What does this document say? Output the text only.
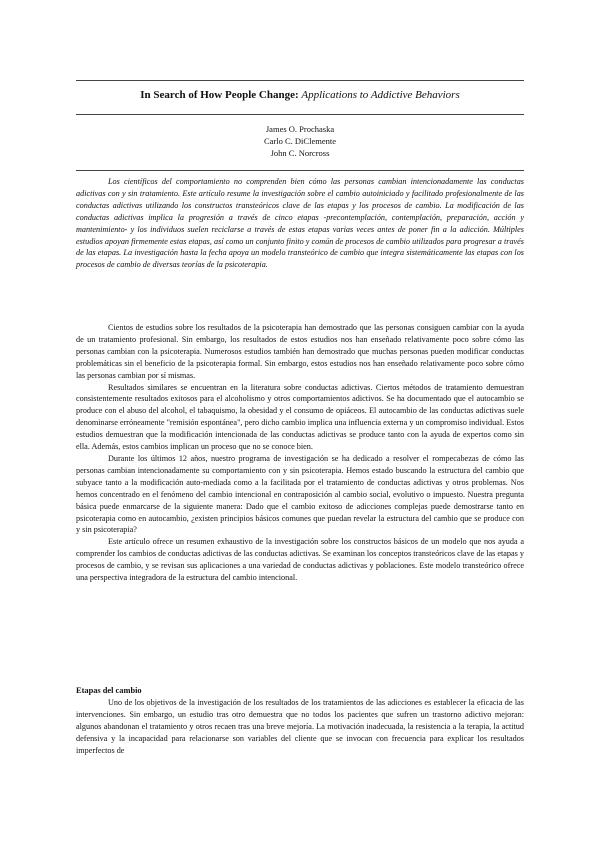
In Search of How People Change: Applications to Addictive Behaviors
James O. Prochaska
Carlo C. DiClemente
John C. Norcross
Los científicos del comportamiento no comprenden bien cómo las personas cambian intencionadamente las conductas adictivas con y sin tratamiento. Este artículo resume la investigación sobre el cambio autoiniciado y facilitado profesionalmente de las conductas adictivas utilizando los constructos transteóricos clave de las etapas y los procesos de cambio. La modificación de las conductas adictivas implica la progresión a través de cinco etapas -precontemplación, contemplación, preparación, acción y mantenimiento- y los individuos suelen reciclarse a través de estas etapas varias veces antes de poner fin a la adicción. Múltiples estudios apoyan firmemente estas etapas, así como un conjunto finito y común de procesos de cambio utilizados para progresar a través de las etapas. La investigación hasta la fecha apoya un modelo transteórico de cambio que integra sistemáticamente las etapas con los procesos de cambio de diversas teorías de la psicoterapia.

Cientos de estudios sobre los resultados de la psicoterapia han demostrado que las personas consiguen cambiar con la ayuda de un tratamiento profesional. Sin embargo, los resultados de estos estudios nos han enseñado relativamente poco sobre cómo las personas cambian con la psicoterapia. Numerosos estudios también han demostrado que muchas personas pueden modificar conductas problemáticas sin el beneficio de la psicoterapia formal. Sin embargo, estos estudios nos han enseñado relativamente poco sobre cómo las personas cambian por sí mismas.

Resultados similares se encuentran en la literatura sobre conductas adictivas. Ciertos métodos de tratamiento demuestran consistentemente resultados exitosos para el alcoholismo y otros comportamientos adictivos. Se ha documentado que el autocambio se produce con el abuso del alcohol, el tabaquismo, la obesidad y el consumo de opiáceos. El autocambio de las conductas adictivas suele denominarse erróneamente "remisión espontánea", pero dicho cambio implica una influencia externa y un compromiso individual. Estos estudios demuestran que la modificación intencionada de las conductas adictivas se produce tanto con la ayuda de expertos como sin ella. Además, estos cambios implican un proceso que no se conoce bien.

Durante los últimos 12 años, nuestro programa de investigación se ha dedicado a resolver el rompecabezas de cómo las personas cambian intencionadamente su comportamiento con y sin psicoterapia. Hemos estado buscando la estructura del cambio que subyace tanto a la modificación auto-mediada como a la facilitada por el tratamiento de conductas adictivas y otros problemas. Nos hemos concentrado en el fenómeno del cambio intencional en contraposición al cambio social, evolutivo o impuesto. Nuestra pregunta básica puede enmarcarse de la siguiente manera: Dado que el cambio exitoso de adicciones complejas puede demostrarse tanto en psicoterapia como en autocambio, ¿existen principios básicos comunes que puedan revelar la estructura del cambio que se produce con y sin psicoterapia?

Este artículo ofrece un resumen exhaustivo de la investigación sobre los constructos básicos de un modelo que nos ayuda a comprender los cambios de conductas adictivas de las conductas adictivas. Se examinan los conceptos transteóricos clave de las etapas y procesos de cambio, y se revisan sus aplicaciones a una variedad de conductas adictivas y poblaciones. Este modelo transteórico ofrece una perspectiva integradora de la estructura del cambio intencional.

Etapas del cambio
Uno de los objetivos de la investigación de los resultados de los tratamientos de las adicciones es establecer la eficacia de las intervenciones. Sin embargo, un estudio tras otro demuestra que no todos los pacientes que sufren un trastorno adictivo mejoran: algunos abandonan el tratamiento y otros recaen tras una breve mejoría. La motivación inadecuada, la resistencia a la terapia, la actitud defensiva y la incapacidad para relacionarse son variables del cliente que se invocan con frecuencia para explicar los resultados imperfectos de
